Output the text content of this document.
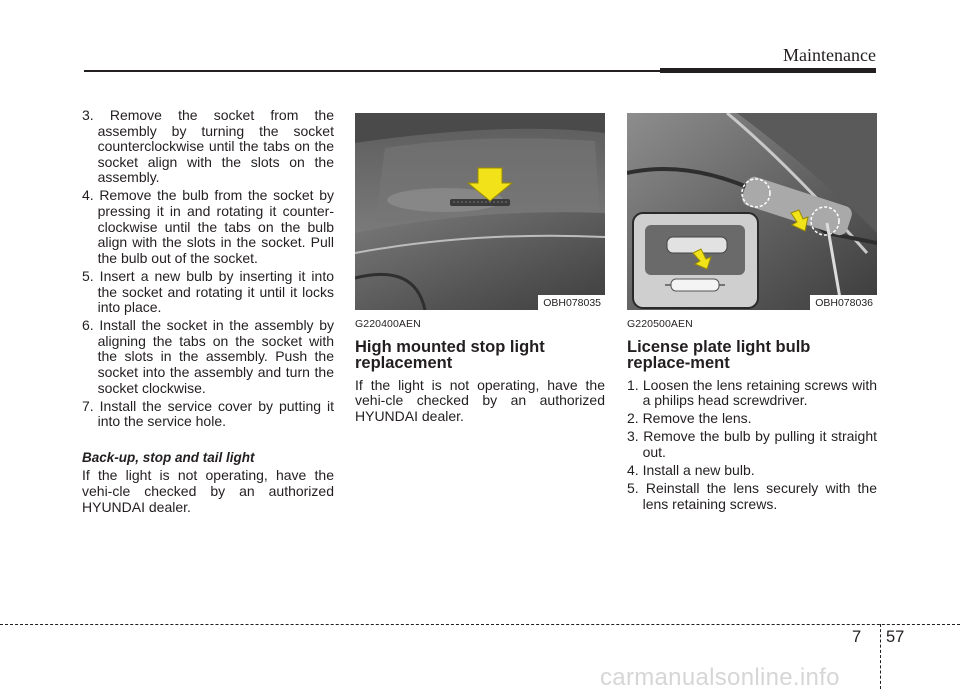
Maintenance

3. Remove the socket from the assembly by turning the socket counterclockwise until the tabs on the socket align with the slots on the assembly.

4. Remove the bulb from the socket by pressing it in and rotating it counter-clockwise until the tabs on the bulb align with the slots in the socket. Pull the bulb out of the socket.

5. Insert a new bulb by inserting it into the socket and rotating it until it locks into place.

6. Install the socket in the assembly by aligning the tabs on the socket with the slots in the assembly. Push the socket into the assembly and turn the socket clockwise.

7. Install the service cover by putting it into the service hole.

Back-up, stop and tail light

If the light is not operating, have the vehi-cle checked by an authorized HYUNDAI dealer.

OBH078035
G220400AEN
High mounted stop light replacement

If the light is not operating, have the vehi-cle checked by an authorized HYUNDAI dealer.

OBH078036
G220500AEN
License plate light bulb replace-ment

1. Loosen the lens retaining screws with a philips head screwdriver.

2. Remove the lens.

3. Remove the bulb by pulling it straight out.

4. Install a new bulb.

5. Reinstall the lens securely with the lens retaining screws.

7 57
carmanualsonline.info
